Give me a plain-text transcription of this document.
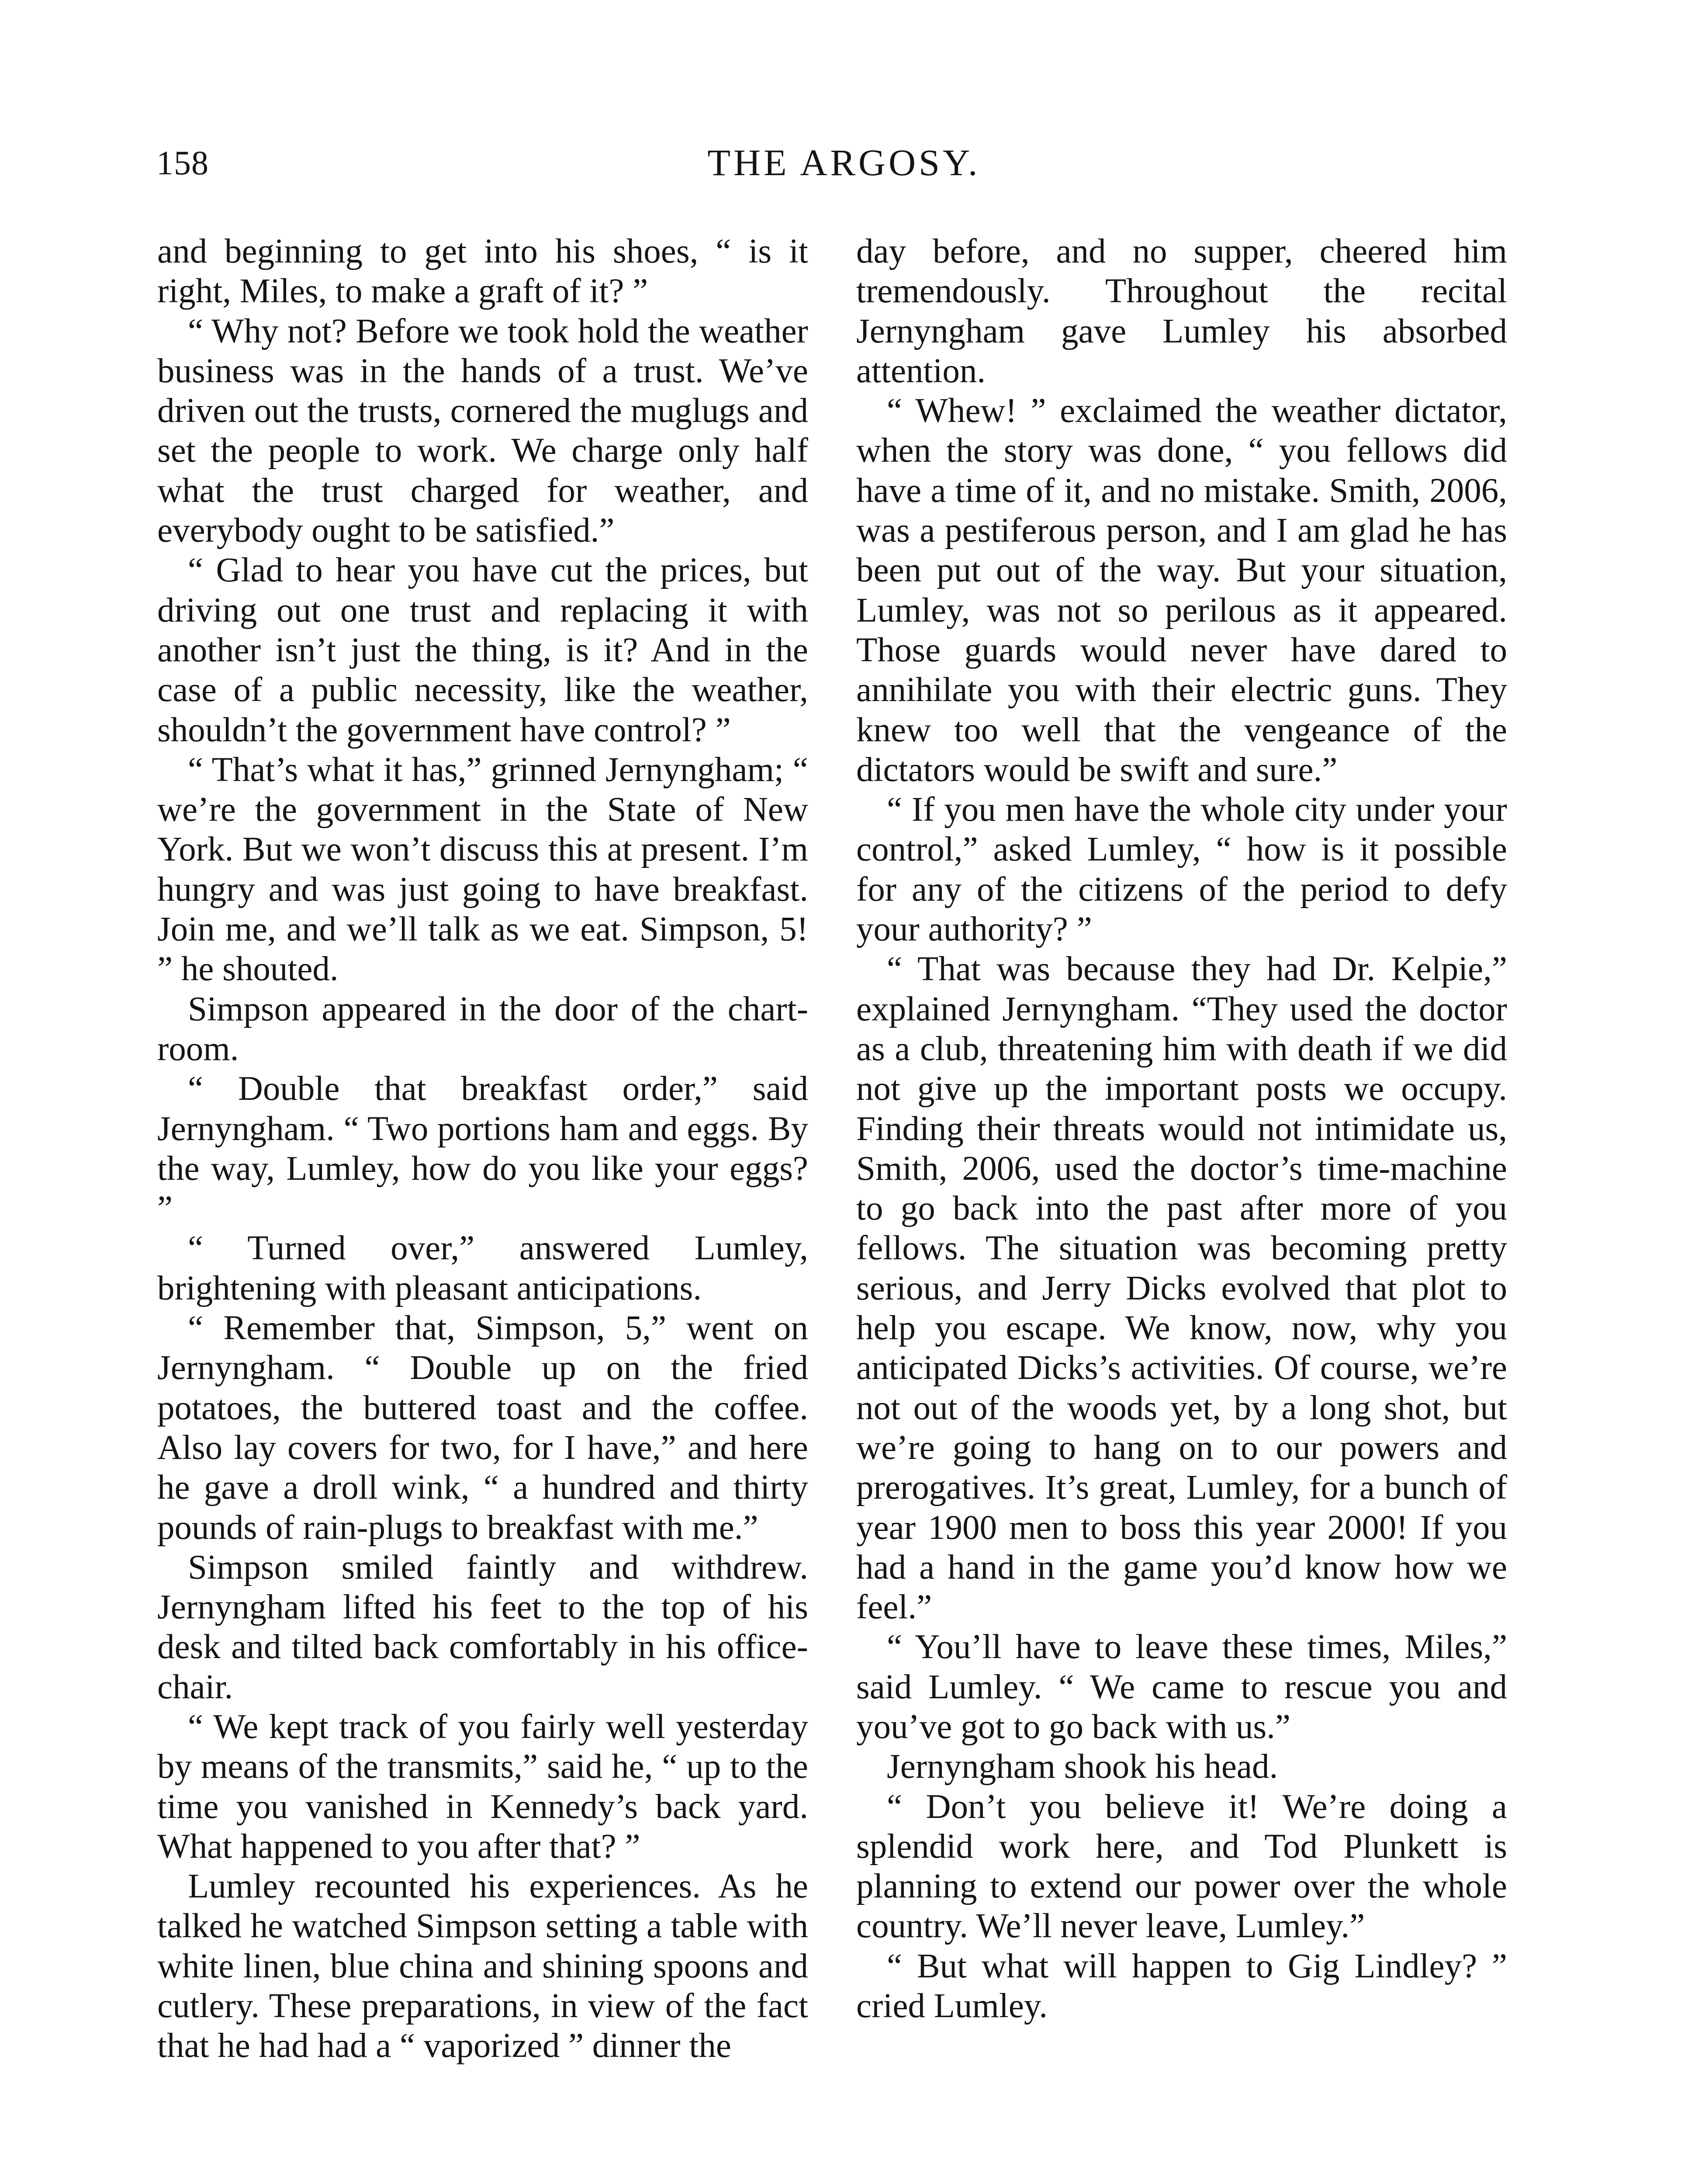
158	THE ARGOSY.

and beginning to get into his shoes, “ is it right, Miles, to make a graft of it? ”

“ Why not? Before we took hold the weather business was in the hands of a trust. We’ve driven out the trusts, cornered the muglugs and set the people to work. We charge only half what the trust charged for weather, and everybody ought to be satisfied.”

“ Glad to hear you have cut the prices, but driving out one trust and replacing it with another isn’t just the thing, is it? And in the case of a public necessity, like the weather, shouldn’t the government have control? ”

“ That’s what it has,” grinned Jernyngham; “ we’re the government in the State of New York. But we won’t discuss this at present. I’m hungry and was just going to have breakfast. Join me, and we’ll talk as we eat. Simpson, 5! ” he shouted.

Simpson appeared in the door of the chart-room.

“ Double that breakfast order,” said Jernyngham. “ Two portions ham and eggs. By the way, Lumley, how do you like your eggs? ”

“ Turned over,” answered Lumley, brightening with pleasant anticipations.

“ Remember that, Simpson, 5,” went on Jernyngham. “ Double up on the fried potatoes, the buttered toast and the coffee. Also lay covers for two, for I have,” and here he gave a droll wink, “ a hundred and thirty pounds of rain-plugs to breakfast with me.”

Simpson smiled faintly and withdrew. Jernyngham lifted his feet to the top of his desk and tilted back comfortably in his office-chair.

“ We kept track of you fairly well yesterday by means of the transmits,” said he, “ up to the time you vanished in Kennedy’s back yard. What happened to you after that? ”

Lumley recounted his experiences. As he talked he watched Simpson setting a table with white linen, blue china and shining spoons and cutlery. These preparations, in view of the fact that he had had a “ vaporized ” dinner the

day before, and no supper, cheered him tremendously. Throughout the recital Jernyngham gave Lumley his absorbed attention.

“ Whew! ” exclaimed the weather dictator, when the story was done, “ you fellows did have a time of it, and no mistake. Smith, 2006, was a pestiferous person, and I am glad he has been put out of the way. But your situation, Lumley, was not so perilous as it appeared. Those guards would never have dared to annihilate you with their electric guns. They knew too well that the vengeance of the dictators would be swift and sure.”

“ If you men have the whole city under your control,” asked Lumley, “ how is it possible for any of the citizens of the period to defy your authority? ”

“ That was because they had Dr. Kelpie,” explained Jernyngham. “They used the doctor as a club, threatening him with death if we did not give up the important posts we occupy. Finding their threats would not intimidate us, Smith, 2006, used the doctor’s time-machine to go back into the past after more of you fellows. The situation was becoming pretty serious, and Jerry Dicks evolved that plot to help you escape. We know, now, why you anticipated Dicks’s activities. Of course, we’re not out of the woods yet, by a long shot, but we’re going to hang on to our powers and prerogatives. It’s great, Lumley, for a bunch of year 1900 men to boss this year 2000! If you had a hand in the game you’d know how we feel.”

“ You’ll have to leave these times, Miles,” said Lumley. “ We came to rescue you and you’ve got to go back with us.”

Jernyngham shook his head.

“ Don’t you believe it! We’re doing a splendid work here, and Tod Plunkett is planning to extend our power over the whole country. We’ll never leave, Lumley.”

“ But what will happen to Gig Lindley? ” cried Lumley.
